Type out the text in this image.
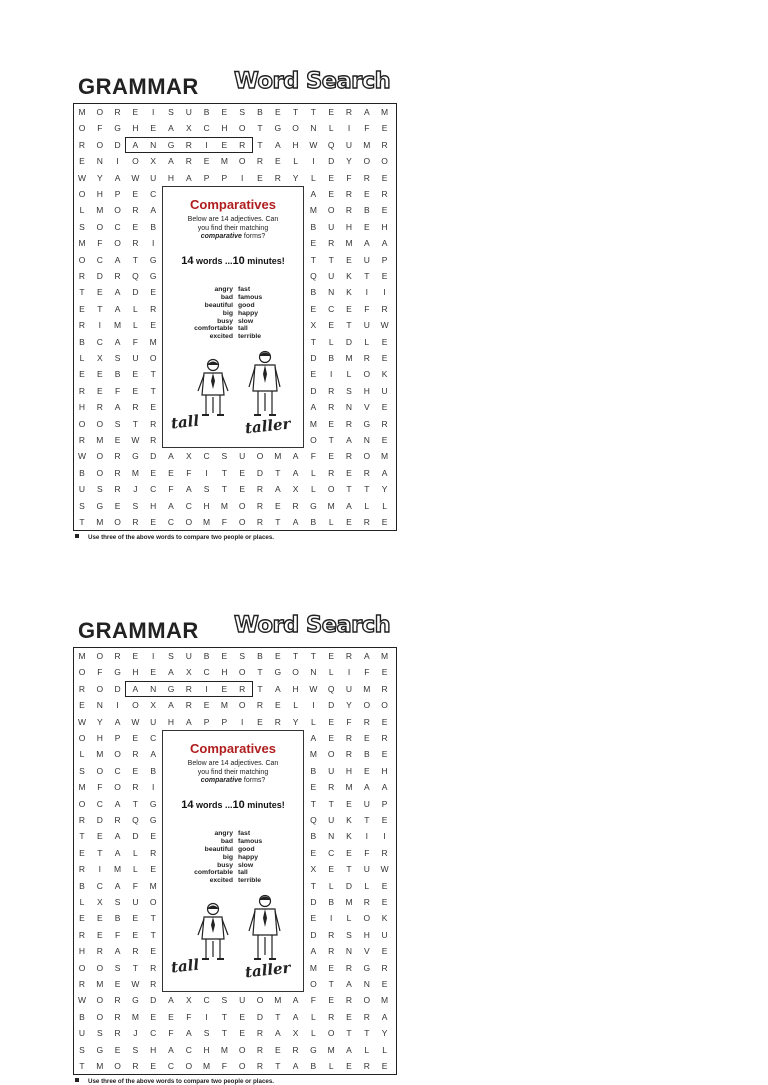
GRAMMAR Word Search
Comparatives
Below are 14 adjectives. Can
you find their matching
comparative forms?
14 words ...10 minutes!
angry fast
bad famous
beautiful good
big happy
busy slow
comfortable tall
excited terrible
tall	taller
M	O	R	E	I	S	U	B	E	S	B	E	T	T	E	R	A	M
O	F	G	H	E	A	X	C	H	O	T	G	O	N	L	I	F	E
R	O	D	A	N	G	R	I	E	R	T	A	H	W	Q	U	M	R
E	N	I	O	X	A	R	E	M	O	R	E	L	I	D	Y	O	O
W	Y	A	W	U	H	A	P	P	I	E	R	Y	L	E	F	R	E
O	H	P	E	C	A	E	R	E	R
L	M	O	R	A	M	O	R	B	E
S	O	C	E	B	B	U	H	E	H
M	F	O	R	I	E	R	M	A	A
O	C	A	T	G	T	T	E	U	P
R	D	R	Q	G	Q	U	K	T	E
T	E	A	D	E	B	N	K	I	I
E	T	A	L	R	E	C	E	F	R
R	I	M	L	E	X	E	T	U	W
B	C	A	F	M	T	L	D	L	E
L	X	S	U	O	D	B	M	R	E
E	E	B	E	T	E	I	L	O	K
R	E	F	E	T	D	R	S	H	U
H	R	A	R	E	A	R	N	V	E
O	O	S	T	R	M	E	R	G	R
R	M	E	W	R	O	T	A	N	E
W	O	R	G	D	A	X	C	S	U	O	M	A	F	E	R	O	M
B	O	R	M	E	E	F	I	T	E	D	T	A	L	R	E	R	A
U	S	R	J	C	F	A	S	T	E	R	A	X	L	O	T	T	Y
S	G	E	S	H	A	C	H	M	O	R	E	R	G	M	A	L	L
T	M	O	R	E	C	O	M	F	O	R	T	A	B	L	E	R	E
Use three of the above words to compare two people or places.
GRAMMAR Word Search
Comparatives
Below are 14 adjectives. Can
you find their matching
comparative forms?
14 words ...10 minutes!
angry fast
bad famous
beautiful good
big happy
busy slow
comfortable tall
excited terrible
tall	taller
M	O	R	E	I	S	U	B	E	S	B	E	T	T	E	R	A	M
O	F	G	H	E	A	X	C	H	O	T	G	O	N	L	I	F	E
R	O	D	A	N	G	R	I	E	R	T	A	H	W	Q	U	M	R
E	N	I	O	X	A	R	E	M	O	R	E	L	I	D	Y	O	O
W	Y	A	W	U	H	A	P	P	I	E	R	Y	L	E	F	R	E
O	H	P	E	C	A	E	R	E	R
L	M	O	R	A	M	O	R	B	E
S	O	C	E	B	B	U	H	E	H
M	F	O	R	I	E	R	M	A	A
O	C	A	T	G	T	T	E	U	P
R	D	R	Q	G	Q	U	K	T	E
T	E	A	D	E	B	N	K	I	I
E	T	A	L	R	E	C	E	F	R
R	I	M	L	E	X	E	T	U	W
B	C	A	F	M	T	L	D	L	E
L	X	S	U	O	D	B	M	R	E
E	E	B	E	T	E	I	L	O	K
R	E	F	E	T	D	R	S	H	U
H	R	A	R	E	A	R	N	V	E
O	O	S	T	R	M	E	R	G	R
R	M	E	W	R	O	T	A	N	E
W	O	R	G	D	A	X	C	S	U	O	M	A	F	E	R	O	M
B	O	R	M	E	E	F	I	T	E	D	T	A	L	R	E	R	A
U	S	R	J	C	F	A	S	T	E	R	A	X	L	O	T	T	Y
S	G	E	S	H	A	C	H	M	O	R	E	R	G	M	A	L	L
T	M	O	R	E	C	O	M	F	O	R	T	A	B	L	E	R	E
Use three of the above words to compare two people or places.
